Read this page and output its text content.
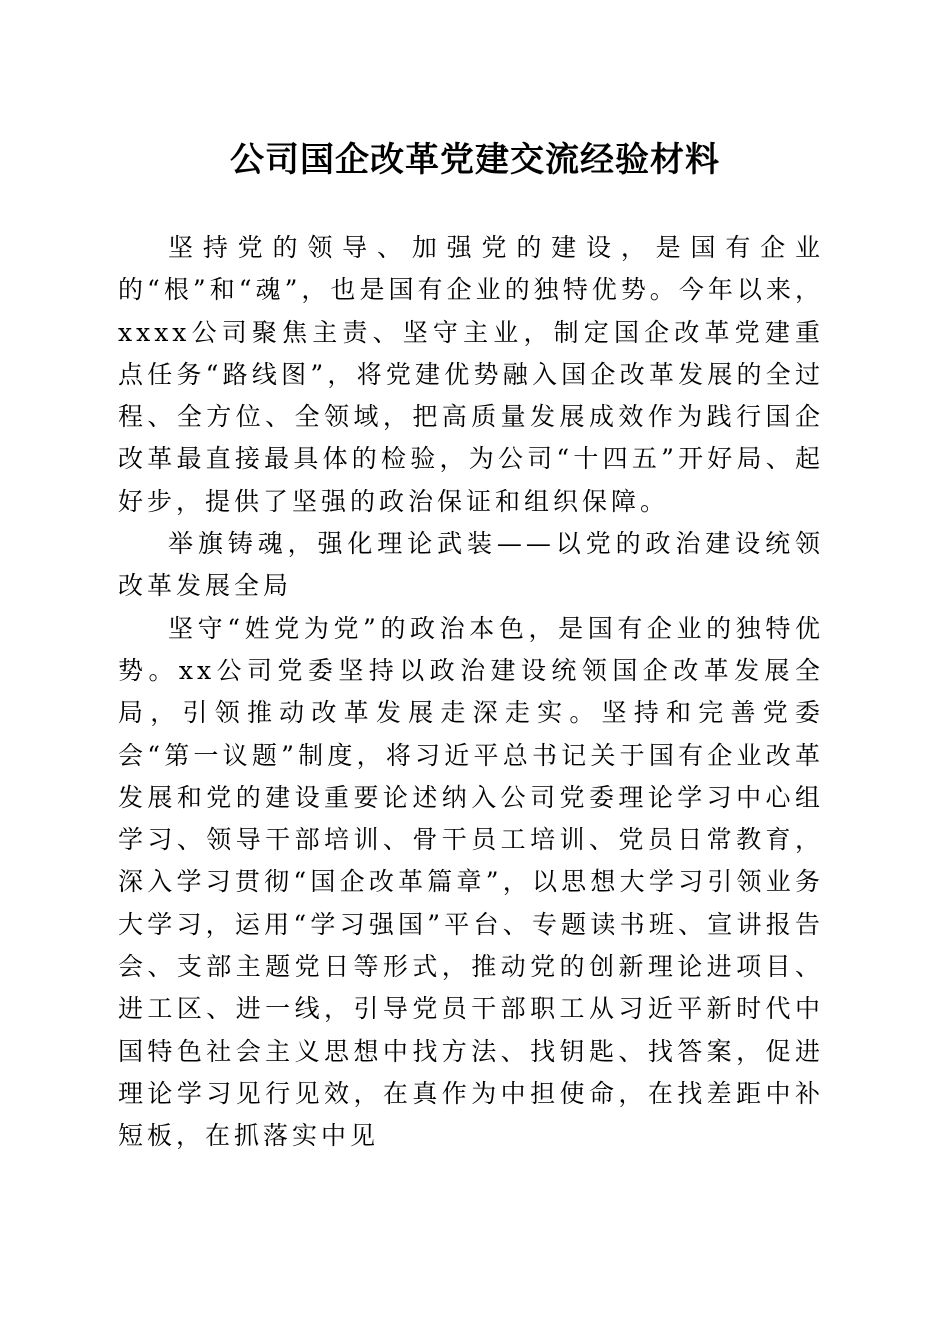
公司国企改革党建交流经验材料

坚持党的领导、加强党的建设，是国有企业的“根”和“魂”，也是国有企业的独特优势。今年以来，xxxx公司聚焦主责、坚守主业，制定国企改革党建重点任务“路线图”，将党建优势融入国企改革发展的全过程、全方位、全领域，把高质量发展成效作为践行国企改革最直接最具体的检验，为公司“十四五”开好局、起好步，提供了坚强的政治保证和组织保障。

举旗铸魂，强化理论武装——以党的政治建设统领改革发展全局

坚守“姓党为党”的政治本色，是国有企业的独特优势。xx公司党委坚持以政治建设统领国企改革发展全局，引领推动改革发展走深走实。坚持和完善党委会“第一议题”制度，将习近平总书记关于国有企业改革发展和党的建设重要论述纳入公司党委理论学习中心组学习、领导干部培训、骨干员工培训、党员日常教育，深入学习贯彻“国企改革篇章”，以思想大学习引领业务大学习，运用“学习强国”平台、专题读书班、宣讲报告会、支部主题党日等形式，推动党的创新理论进项目、进工区、进一线，引导党员干部职工从习近平新时代中国特色社会主义思想中找方法、找钥匙、找答案，促进理论学习见行见效，在真作为中担使命，在找差距中补短板，在抓落实中见
